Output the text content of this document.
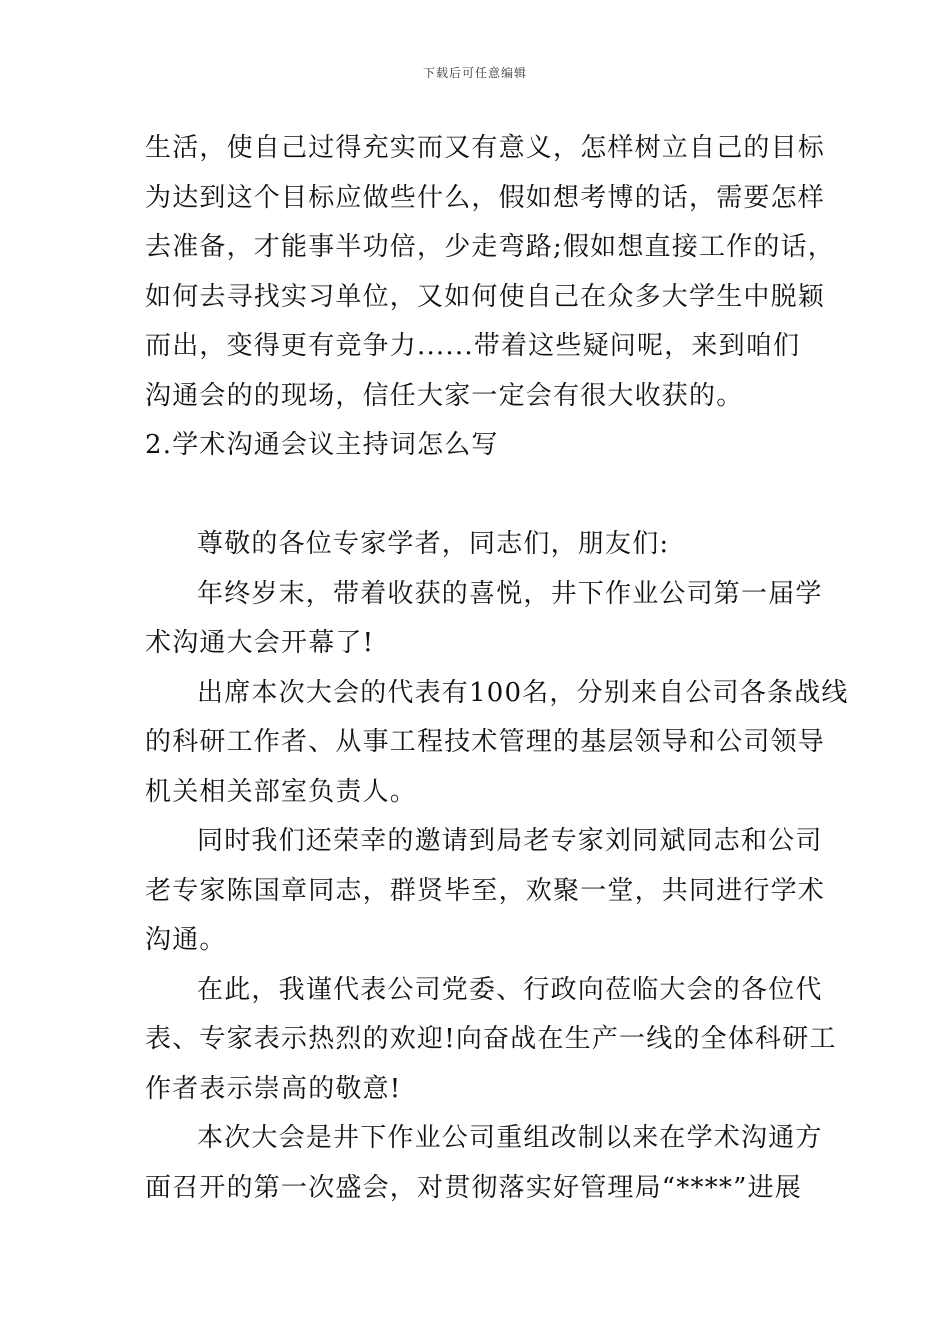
下载后可任意编辑
生活，使自己过得充实而又有意义，怎样树立自己的目标
为达到这个目标应做些什么，假如想考博的话，需要怎样
去准备，才能事半功倍，少走弯路;假如想直接工作的话，
如何去寻找实习单位，又如何使自己在众多大学生中脱颖
而出，变得更有竞争力......带着这些疑问呢，来到咱们
沟通会的的现场，信任大家一定会有很大收获的。
2.学术沟通会议主持词怎么写
尊敬的各位专家学者，同志们，朋友们:
年终岁末，带着收获的喜悦，井下作业公司第一届学
术沟通大会开幕了!
出席本次大会的代表有100名，分别来自公司各条战线
的科研工作者、从事工程技术管理的基层领导和公司领导
机关相关部室负责人。
同时我们还荣幸的邀请到局老专家刘同斌同志和公司
老专家陈国章同志，群贤毕至，欢聚一堂，共同进行学术
沟通。
在此，我谨代表公司党委、行政向莅临大会的各位代
表、专家表示热烈的欢迎!向奋战在生产一线的全体科研工
作者表示崇高的敬意!
本次大会是井下作业公司重组改制以来在学术沟通方
面召开的第一次盛会，对贯彻落实好管理局“****”进展
